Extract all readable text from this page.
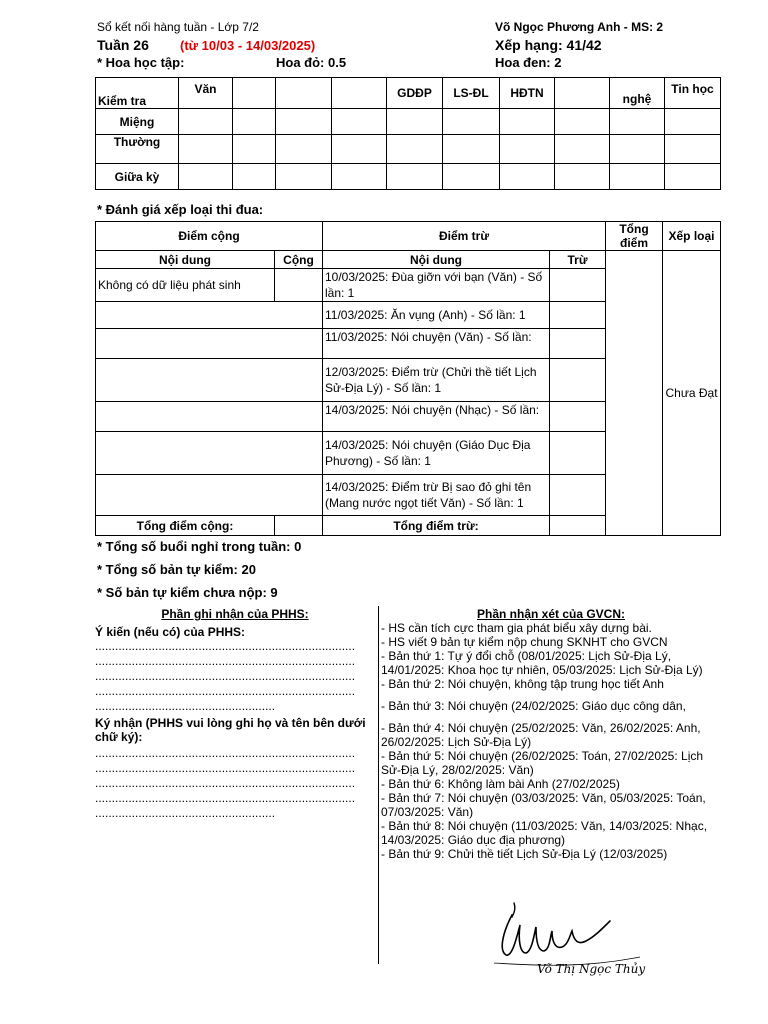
Sổ kết nối hàng tuần - Lớp 7/2	Võ Ngọc Phương Anh - MS: 2
Tuần 26 (từ 10/03 - 14/03/2025)	Xếp hạng: 41/42
* Hoa học tập:	Hoa đỏ: 0.5	Hoa đen: 2
Kiểm tra	Văn				GDĐP	LS-ĐL	HĐTN		nghệ	Tin học
Miệng										
Thường										
Giữa kỳ										
* Đánh giá xếp loại thi đua:
Điểm cộng		Điểm trừ		Tổng điểm	Xếp loại
Nội dung	Cộng	Nội dung	Trừ		Chưa Đạt
Không có dữ liệu phát sinh		10/03/2025: Đùa giỡn với bạn (Văn) - Số lần: 1			
		11/03/2025: Ăn vụng (Anh) - Số lần: 1			
		11/03/2025: Nói chuyện (Văn) - Số lần:			
		12/03/2025: Điểm trừ (Chửi thề tiết Lịch Sử-Địa Lý) - Số lần: 1			
		14/03/2025: Nói chuyện (Nhạc) - Số lần:			
		14/03/2025: Nói chuyện (Giáo Dục Địa Phương) - Số lần: 1			
		14/03/2025: Điểm trừ Bị sao đỏ ghi tên (Mang nước ngọt tiết Văn) - Số lần: 1			
Tổng điểm cộng:		Tổng điểm trừ:			
* Tổng số buổi nghỉ trong tuần: 0
* Tổng số bản tự kiểm: 20
* Số bản tự kiểm chưa nộp: 9
Phần ghi nhận của PHHS:
Ý kiến (nếu có) của PHHS:
..............................................................................
..............................................................................
..............................................................................
..............................................................................
......................................................
Ký nhận (PHHS vui lòng ghi họ và tên bên dưới chữ ký):
..............................................................................
..............................................................................
..............................................................................
..............................................................................
......................................................
Phần nhận xét của GVCN:
- HS cần tích cực tham gia phát biểu xây dựng bài.
- HS viết 9 bản tự kiểm nộp chung SKNHT cho GVCN
- Bản thứ 1: Tự ý đổi chỗ (08/01/2025: Lịch Sử-Địa Lý, 14/01/2025: Khoa học tự nhiên, 05/03/2025: Lịch Sử-Địa Lý)
- Bản thứ 2: Nói chuyện, không tập trung học tiết Anh
- Bản thứ 3: Nói chuyện (24/02/2025: Giáo dục công dân,
- Bản thứ 4: Nói chuyện (25/02/2025: Văn, 26/02/2025: Anh, 26/02/2025: Lịch Sử-Địa Lý)
- Bản thứ 5: Nói chuyện (26/02/2025: Toán, 27/02/2025: Lịch Sử-Địa Lý, 28/02/2025: Văn)
- Bản thứ 6: Không làm bài Anh (27/02/2025)
- Bản thứ 7: Nói chuyện (03/03/2025: Văn, 05/03/2025: Toán, 07/03/2025: Văn)
- Bản thứ 8: Nói chuyện (11/03/2025: Văn, 14/03/2025: Nhạc, 14/03/2025: Giáo dục địa phương)
- Bản thứ 9: Chửi thề tiết Lịch Sử-Địa Lý (12/03/2025)
Võ Thị Ngọc Thủy
